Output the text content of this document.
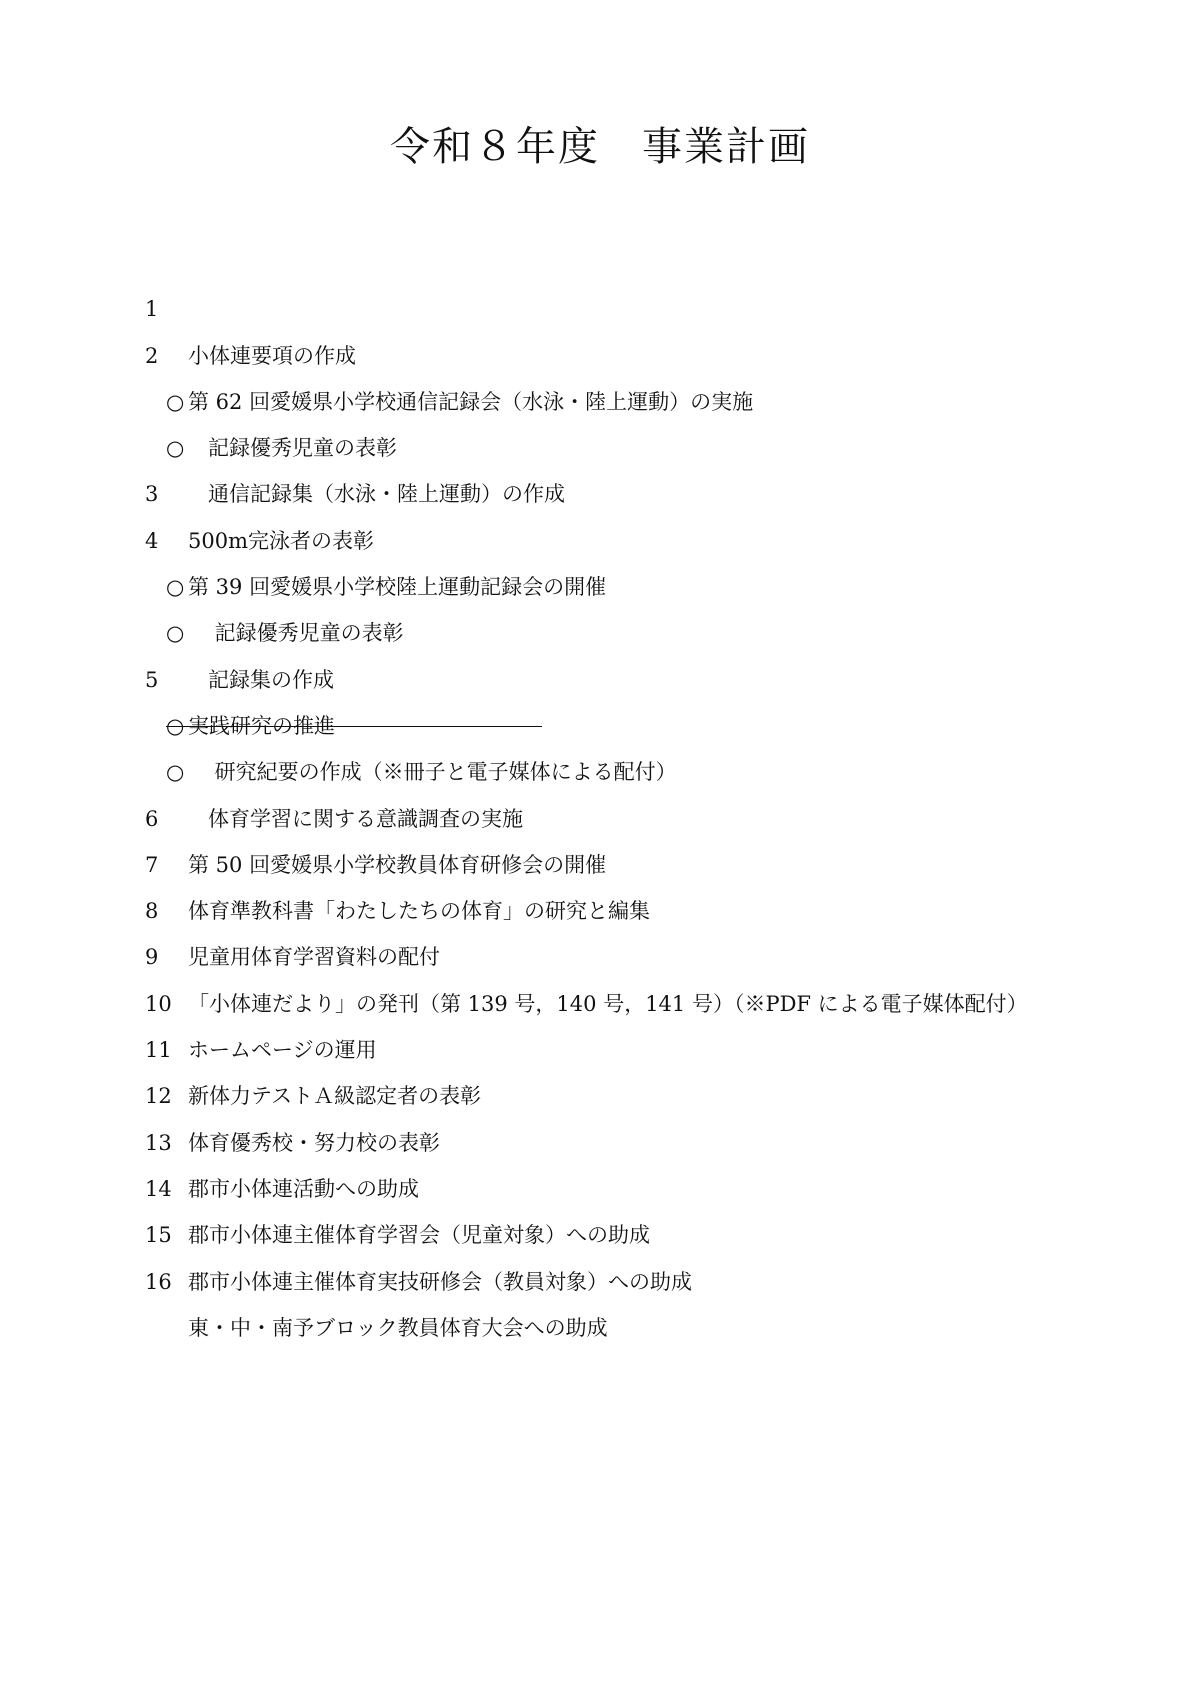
令和８年度　事業計画

1

小体連要項の作成

2

第 62 回愛媛県小学校通信記録会（水泳・陸上運動）の実施

○

記録優秀児童の表彰

○

通信記録集（水泳・陸上運動）の作成

3

500m完泳者の表彰

4

第 39 回愛媛県小学校陸上運動記録会の開催

○

記録優秀児童の表彰

○

記録集の作成

5

実践研究の推進

○

研究紀要の作成（※冊子と電子媒体による配付）

○

体育学習に関する意識調査の実施

6

第 50 回愛媛県小学校教員体育研修会の開催

7

体育準教科書「わたしたちの体育」の研究と編集

8

児童用体育学習資料の配付

9

「小体連だより」の発刊（第 139 号，140 号，141 号）（※PDF による電子媒体配付）

10

ホームページの運用

11

新体力テストＡ級認定者の表彰

12

体育優秀校・努力校の表彰

13

郡市小体連活動への助成

14

郡市小体連主催体育学習会（児童対象）への助成

15

郡市小体連主催体育実技研修会（教員対象）への助成

16

東・中・南予ブロック教員体育大会への助成
